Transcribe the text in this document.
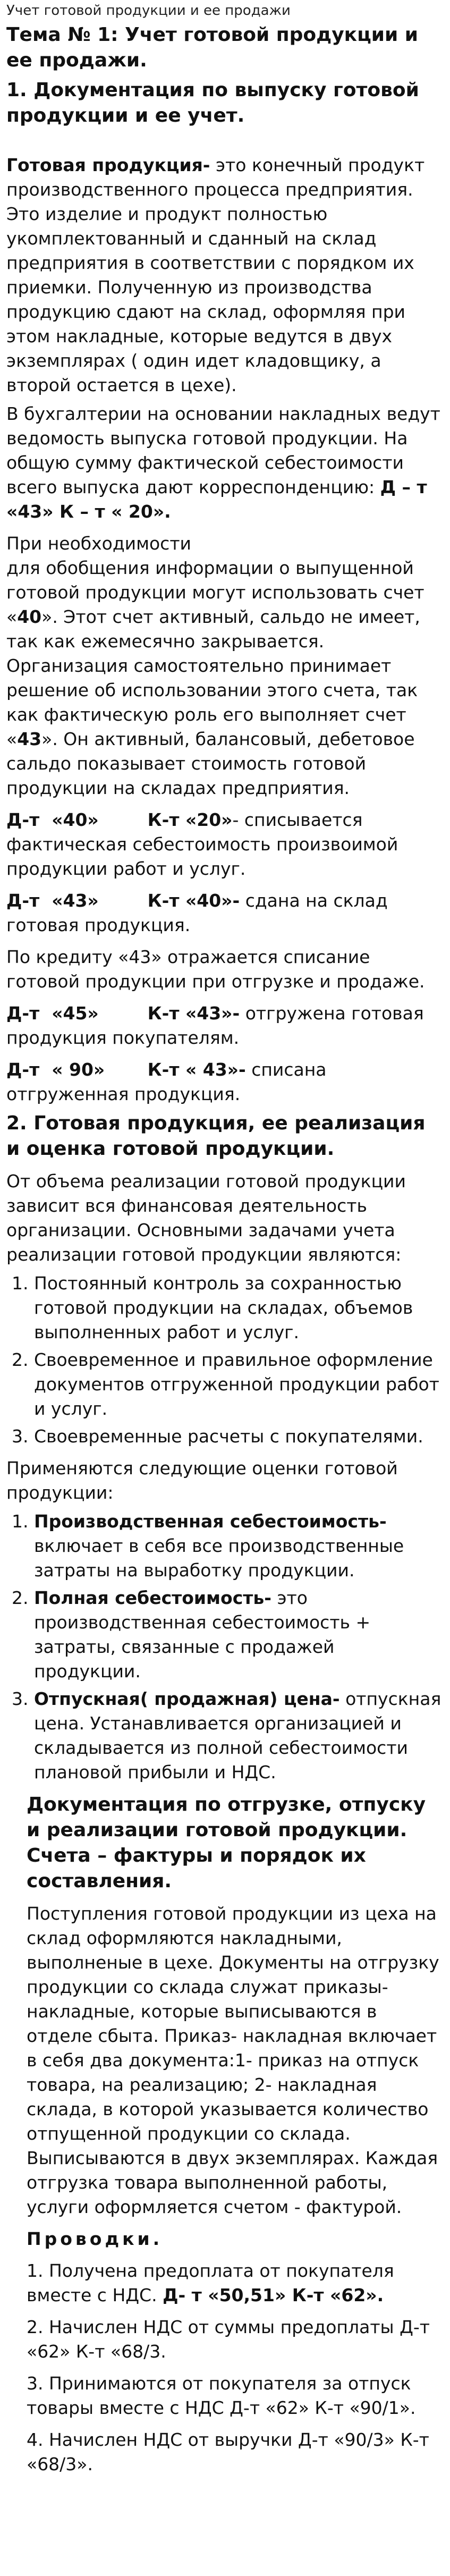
Учет готовой продукции и ее продажи
Тема № 1: Учет готовой продукции и ее продажи.
1. Документация по выпуску готовой продукции и ее учет.

Готовая продукция- это конечный продукт производственного процесса предприятия. Это изделие и продукт полностью укомплектованный и сданный на склад предприятия в соответствии с порядком их приемки. Полученную из производства продукцию сдают на склад, оформляя при этом накладные, которые ведутся в двух экземплярах ( один идет кладовщику, а второй остается в цехе).

В бухгалтерии на основании накладных ведут ведомость выпуска готовой продукции. На общую сумму фактической себестоимости всего выпуска дают корреспонденцию: Д – т «43» К – т « 20».

При необходимости
для обобщения информации о выпущенной готовой продукции могут использовать счет «40». Этот счет активный, сальдо не имеет, так как ежемесячно закрывается. Организация самостоятельно принимает решение об использовании этого счета, так как фактическую роль его выполняет счет «43». Он активный, балансовый, дебетовое сальдо показывает стоимость готовой продукции на складах предприятия.

Д-т  «40»        К-т «20»- списывается фактическая себестоимость произвоимой продукции работ и услуг.

Д-т  «43»        К-т «40»- сдана на склад готовая продукция.

По кредиту «43» отражается списание готовой продукции при отгрузке и продаже.

Д-т  «45»        К-т «43»- отгружена готовая продукция покупателям.

Д-т  « 90»       К-т « 43»- списана отгруженная продукция.

2. Готовая продукция, ее реализация и оценка готовой продукции.

От объема реализации готовой продукции зависит вся финансовая деятельность организации. Основными задачами учета реализации готовой продукции являются:

1. Постоянный контроль за сохранностью готовой продукции на складах, объемов выполненных работ и услуг.
2. Своевременное и правильное оформление документов отгруженной продукции работ и услуг.
3. Своевременные расчеты с покупателями.

Применяются следующие оценки готовой продукции:

1. Производственная себестоимость- включает в себя все производственные затраты на выработку продукции.
2. Полная себестоимость- это производственная себестоимость + затраты, связанные с продажей продукции.
3. Отпускная( продажная) цена- отпускная цена. Устанавливается организацией и складывается из полной себестоимости плановой прибыли и НДС.
Документация по отгрузке, отпуску и реализации готовой продукции. Счета – фактуры и порядок их составления.

Поступления готовой продукции из цеха на склад оформляются накладными, выполненые в цехе. Документы на отгрузку продукции со склада служат приказы-накладные, которые выписываются в отделе сбыта. Приказ- накладная включает в себя два документа:1- приказ на отпуск товара, на реализацию; 2- накладная склада, в которой указывается количество отпущенной продукции со склада. Выписываются в двух экземплярах. Каждая отгрузка товара выполненной работы, услуги оформляется счетом - фактурой.

Проводки.

1. Получена предоплата от покупателя вместе с НДС. Д- т «50,51» К-т «62».

2. Начислен НДС от суммы предоплаты Д-т «62» К-т «68/3.

3. Принимаются от покупателя за отпуск товары вместе с НДС Д-т «62» К-т «90/1».

4. Начислен НДС от выручки Д-т «90/3» К-т «68/3».
